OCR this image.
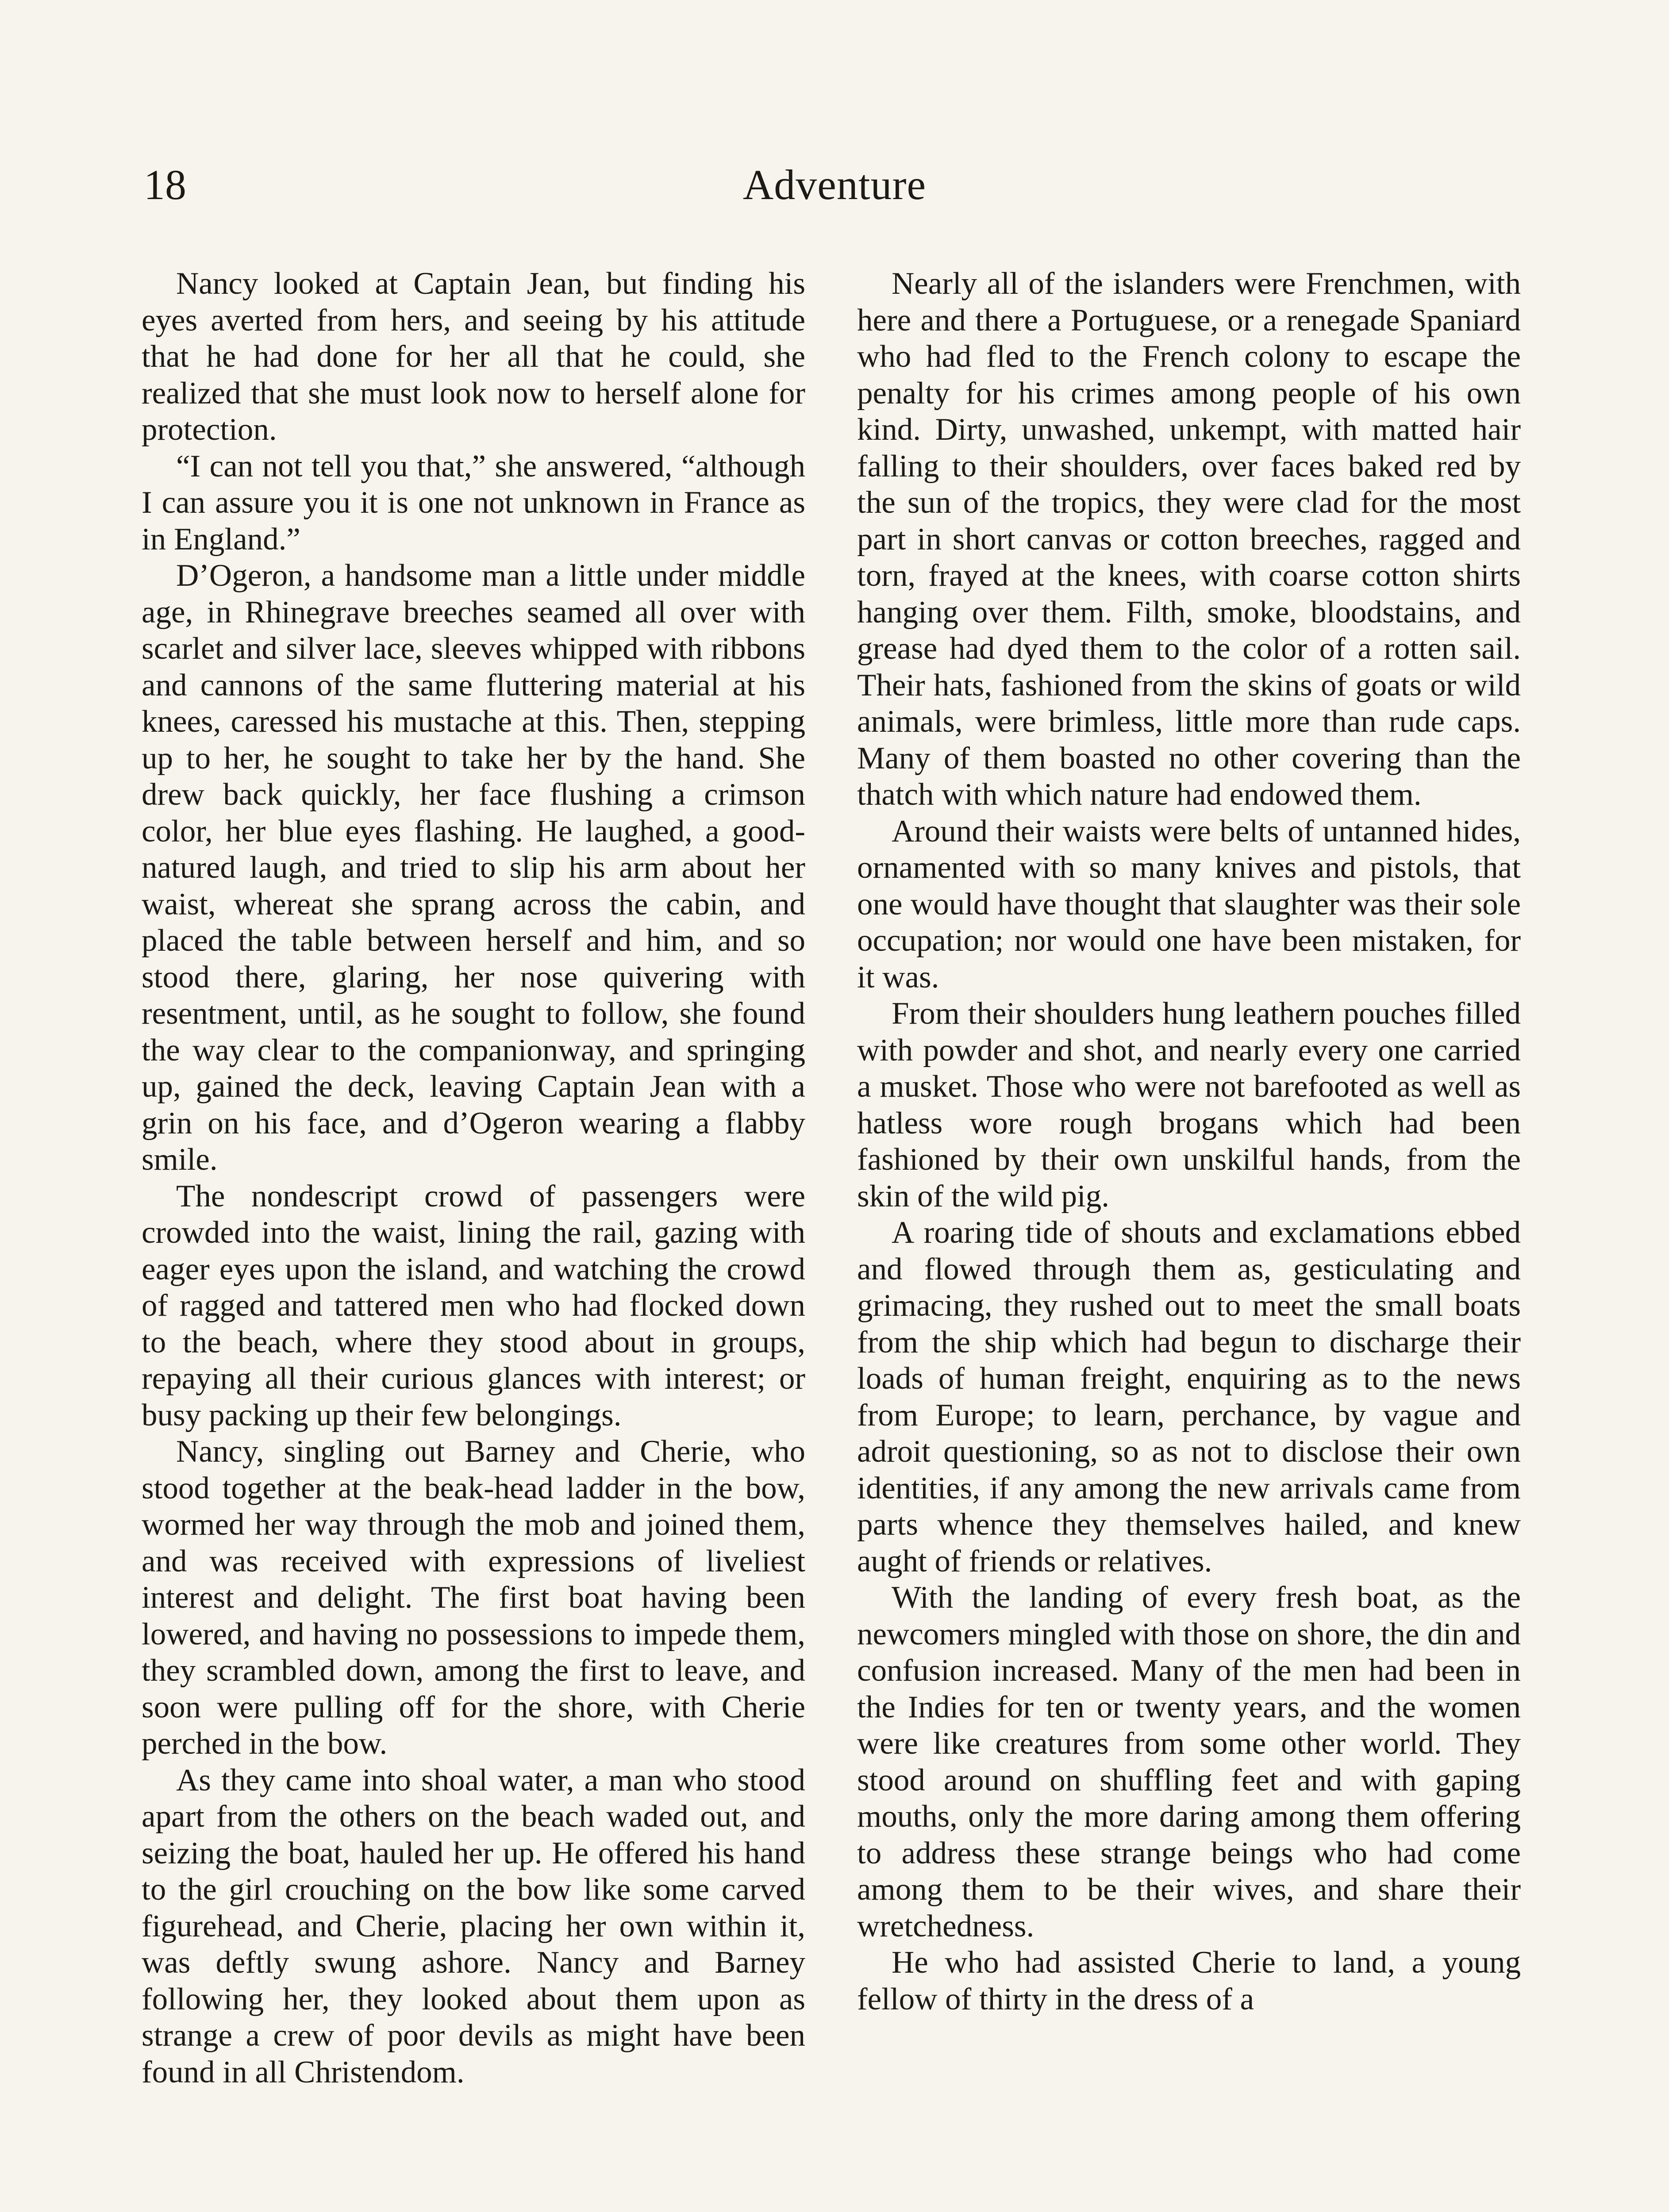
18	Adventure

Nancy looked at Captain Jean, but finding his eyes averted from hers, and seeing by his attitude that he had done for her all that he could, she realized that she must look now to herself alone for protection.

“I can not tell you that,” she answered, “although I can assure you it is one not unknown in France as in England.”

D’Ogeron, a handsome man a little under middle age, in Rhinegrave breeches seamed all over with scarlet and silver lace, sleeves whipped with ribbons and cannons of the same fluttering material at his knees, caressed his mustache at this. Then, stepping up to her, he sought to take her by the hand. She drew back quickly, her face flushing a crimson color, her blue eyes flashing. He laughed, a good-natured laugh, and tried to slip his arm about her waist, whereat she sprang across the cabin, and placed the table between herself and him, and so stood there, glaring, her nose quivering with resentment, until, as he sought to follow, she found the way clear to the companionway, and springing up, gained the deck, leaving Captain Jean with a grin on his face, and d’Ogeron wearing a flabby smile.

The nondescript crowd of passengers were crowded into the waist, lining the rail, gazing with eager eyes upon the island, and watching the crowd of ragged and tattered men who had flocked down to the beach, where they stood about in groups, repaying all their curious glances with interest; or busy packing up their few belongings.

Nancy, singling out Barney and Cherie, who stood together at the beak-head ladder in the bow, wormed her way through the mob and joined them, and was received with expressions of liveliest interest and delight. The first boat having been lowered, and having no possessions to impede them, they scrambled down, among the first to leave, and soon were pulling off for the shore, with Cherie perched in the bow.

As they came into shoal water, a man who stood apart from the others on the beach waded out, and seizing the boat, hauled her up. He offered his hand to the girl crouching on the bow like some carved figurehead, and Cherie, placing her own within it, was deftly swung ashore. Nancy and Barney following her, they looked about them upon as strange a crew of poor devils as might have been found in all Christendom.

Nearly all of the islanders were Frenchmen, with here and there a Portuguese, or a renegade Spaniard who had fled to the French colony to escape the penalty for his crimes among people of his own kind. Dirty, unwashed, unkempt, with matted hair falling to their shoulders, over faces baked red by the sun of the tropics, they were clad for the most part in short canvas or cotton breeches, ragged and torn, frayed at the knees, with coarse cotton shirts hanging over them. Filth, smoke, bloodstains, and grease had dyed them to the color of a rotten sail. Their hats, fashioned from the skins of goats or wild animals, were brimless, little more than rude caps. Many of them boasted no other covering than the thatch with which nature had endowed them.

Around their waists were belts of untanned hides, ornamented with so many knives and pistols, that one would have thought that slaughter was their sole occupation; nor would one have been mistaken, for it was.

From their shoulders hung leathern pouches filled with powder and shot, and nearly every one carried a musket. Those who were not barefooted as well as hatless wore rough brogans which had been fashioned by their own unskilful hands, from the skin of the wild pig.

A roaring tide of shouts and exclamations ebbed and flowed through them as, gesticulating and grimacing, they rushed out to meet the small boats from the ship which had begun to discharge their loads of human freight, enquiring as to the news from Europe; to learn, perchance, by vague and adroit questioning, so as not to disclose their own identities, if any among the new arrivals came from parts whence they themselves hailed, and knew aught of friends or relatives.

With the landing of every fresh boat, as the newcomers mingled with those on shore, the din and confusion increased. Many of the men had been in the Indies for ten or twenty years, and the women were like creatures from some other world. They stood around on shuffling feet and with gaping mouths, only the more daring among them offering to address these strange beings who had come among them to be their wives, and share their wretchedness.

He who had assisted Cherie to land, a young fellow of thirty in the dress of a
